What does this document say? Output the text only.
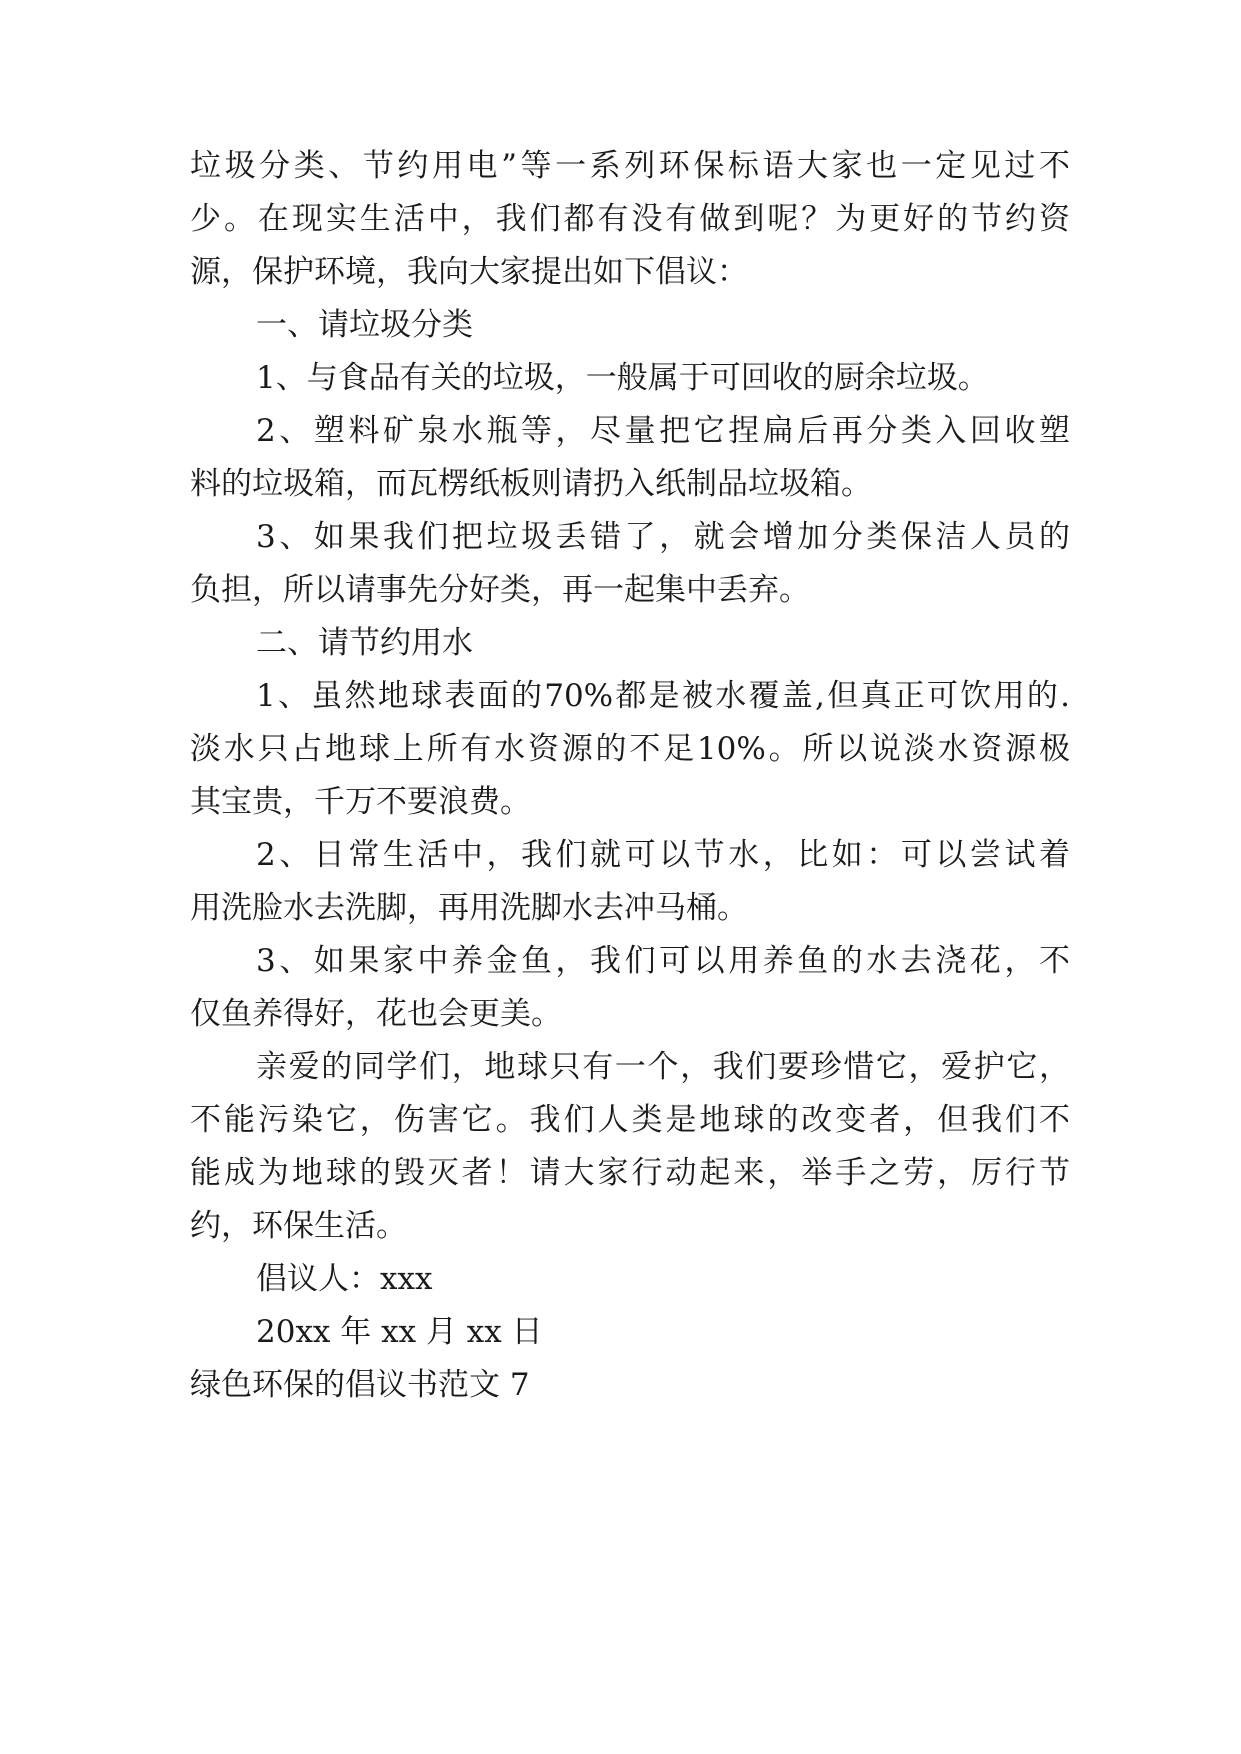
垃圾分类、节约用电”等一系列环保标语大家也一定见过不
少。在现实生活中，我们都有没有做到呢？为更好的节约资
源，保护环境，我向大家提出如下倡议：
一、请垃圾分类
1、与食品有关的垃圾，一般属于可回收的厨余垃圾。
2、塑料矿泉水瓶等，尽量把它捏扁后再分类入回收塑
料的垃圾箱，而瓦楞纸板则请扔入纸制品垃圾箱。
3、如果我们把垃圾丢错了，就会增加分类保洁人员的
负担，所以请事先分好类，再一起集中丢弃。
二、请节约用水
1、虽然地球表面的70%都是被水覆盖,但真正可饮用的.
淡水只占地球上所有水资源的不足10%。所以说淡水资源极
其宝贵，千万不要浪费。
2、日常生活中，我们就可以节水，比如：可以尝试着
用洗脸水去洗脚，再用洗脚水去冲马桶。
3、如果家中养金鱼，我们可以用养鱼的水去浇花，不
仅鱼养得好，花也会更美。
亲爱的同学们，地球只有一个，我们要珍惜它，爱护它，
不能污染它，伤害它。我们人类是地球的改变者，但我们不
能成为地球的毁灭者！请大家行动起来，举手之劳，厉行节
约，环保生活。
倡议人：xxx
20xx 年 xx 月 xx 日
绿色环保的倡议书范文 7
